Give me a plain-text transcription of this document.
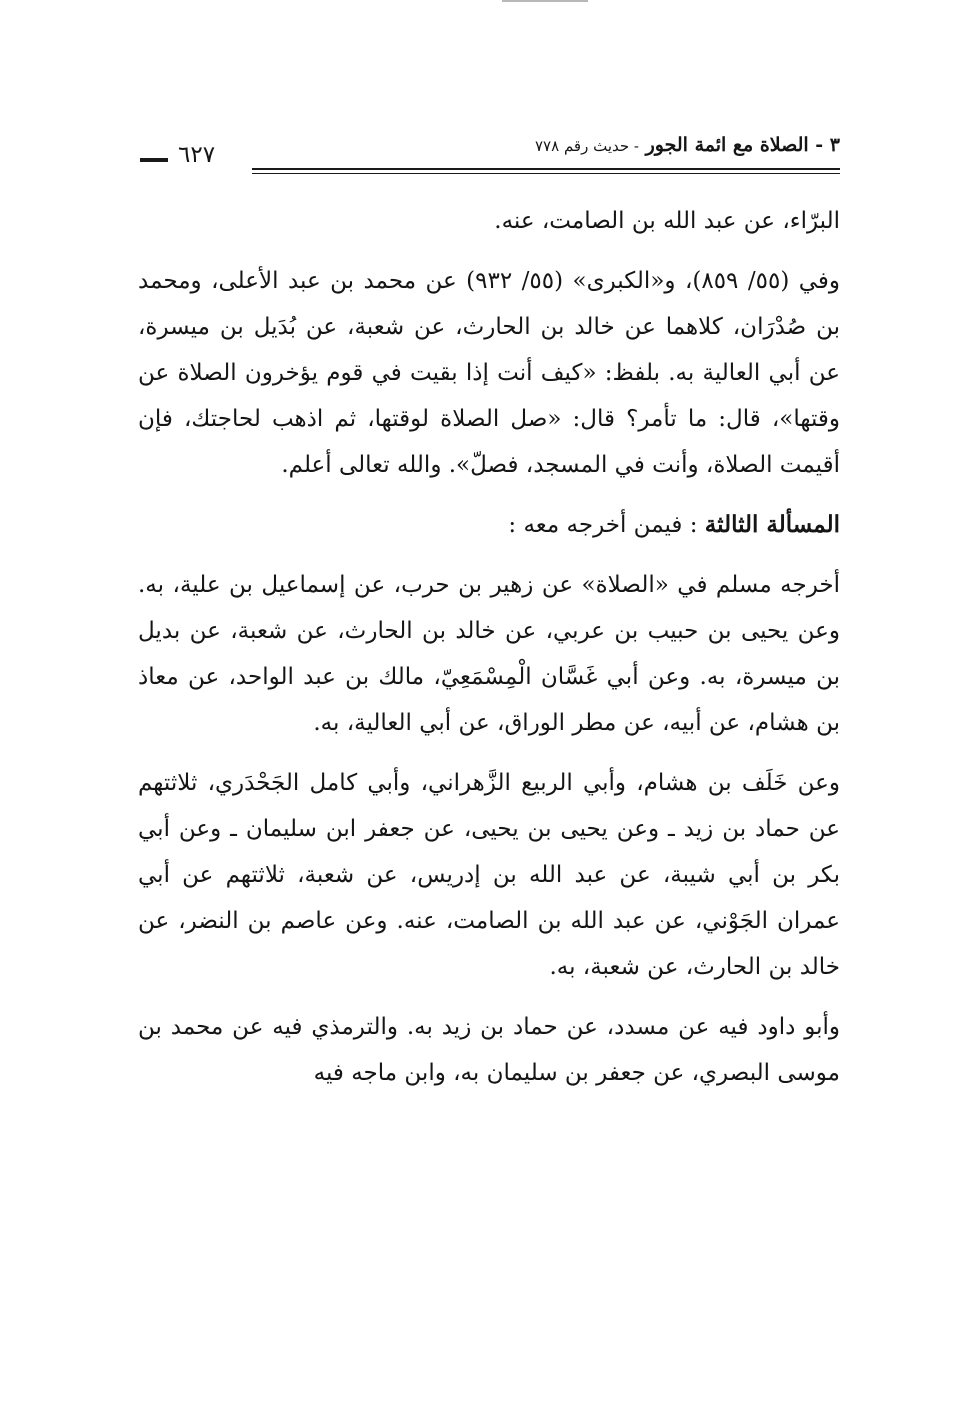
٣ - الصلاة مع ائمة الجور - حديث رقم ٧٧٨
٦٢٧

البرّاء، عن عبد الله بن الصامت، عنه.

وفي (٥٥/ ٨٥٩)، و«الكبرى» (٥٥/ ٩٣٢) عن محمد بن عبد الأعلى، ومحمد بن صُدْرَان، كلاهما عن خالد بن الحارث، عن شعبة، عن بُدَيل بن ميسرة، عن أبي العالية به. بلفظ: «كيف أنت إذا بقيت في قوم يؤخرون الصلاة عن وقتها»، قال: ما تأمر؟ قال: «صل الصلاة لوقتها، ثم اذهب لحاجتك، فإن أقيمت الصلاة، وأنت في المسجد، فصلّ». والله تعالى أعلم.

المسألة الثالثة : فيمن أخرجه معه :

أخرجه مسلم في «الصلاة» عن زهير بن حرب، عن إسماعيل بن علية، به. وعن يحيى بن حبيب بن عربي، عن خالد بن الحارث، عن شعبة، عن بديل بن ميسرة، به. وعن أبي غَسَّان الْمِسْمَعِيّ، مالك بن عبد الواحد، عن معاذ بن هشام، عن أبيه، عن مطر الوراق، عن أبي العالية، به.

وعن خَلَف بن هشام، وأبي الربيع الزَّهراني، وأبي كامل الجَحْدَري، ثلاثتهم عن حماد بن زيد ـ وعن يحيى بن يحيى، عن جعفر ابن سليمان ـ وعن أبي بكر بن أبي شيبة، عن عبد الله بن إدريس، عن شعبة، ثلاثتهم عن أبي عمران الجَوْني، عن عبد الله بن الصامت، عنه. وعن عاصم بن النضر، عن خالد بن الحارث، عن شعبة، به.

وأبو داود فيه عن مسدد، عن حماد بن زيد به. والترمذي فيه عن محمد بن موسى البصري، عن جعفر بن سليمان به، وابن ماجه فيه
